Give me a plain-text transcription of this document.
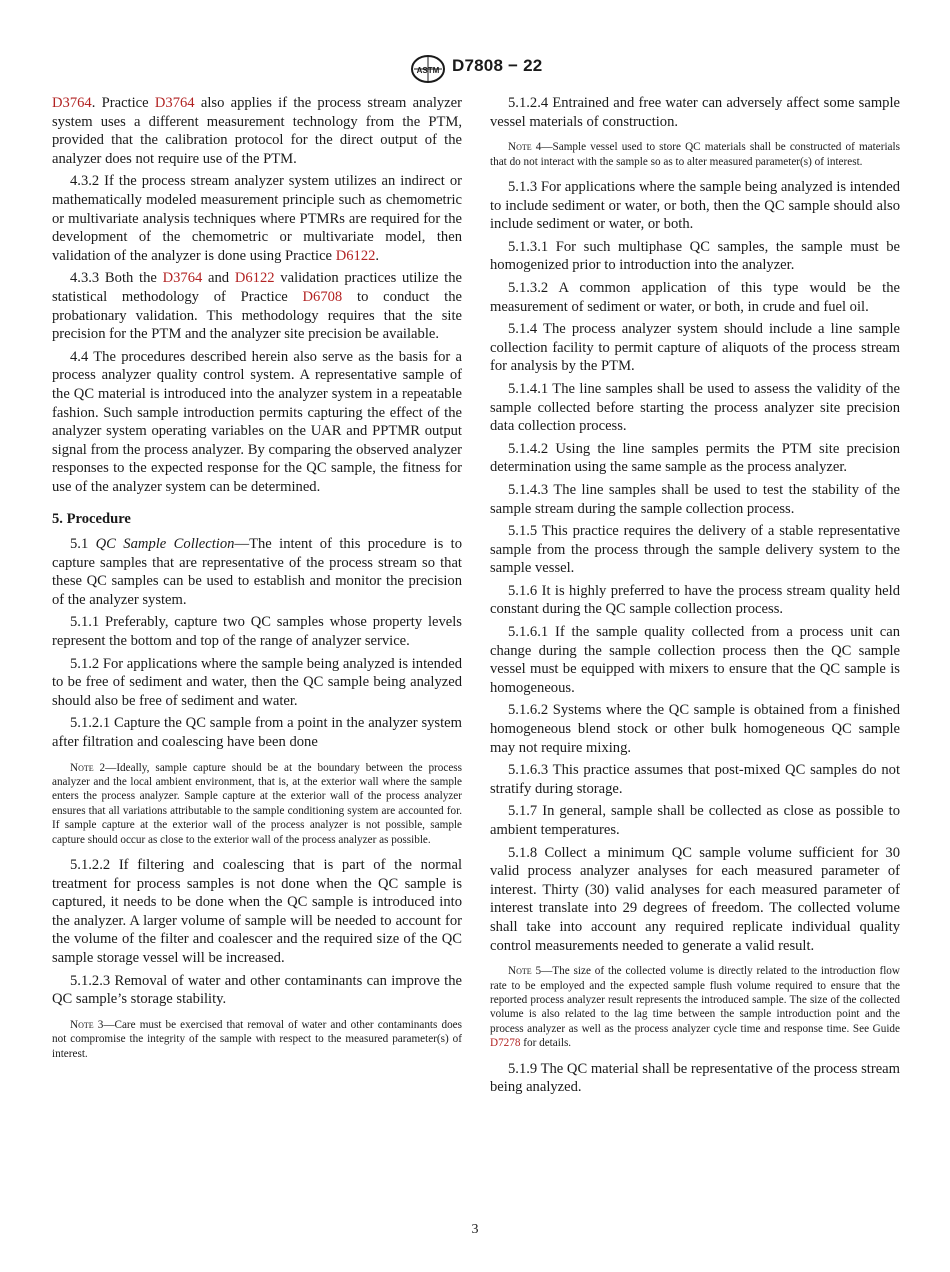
ASTM D7808 − 22

D3764. Practice D3764 also applies if the process stream analyzer system uses a different measurement technology from the PTM, provided that the calibration protocol for the direct output of the analyzer does not require use of the PTM.

4.3.2 If the process stream analyzer system utilizes an indirect or mathematically modeled measurement principle such as chemometric or multivariate analysis techniques where PTMRs are required for the development of the chemometric or multivariate model, then validation of the analyzer is done using Practice D6122.

4.3.3 Both the D3764 and D6122 validation practices utilize the statistical methodology of Practice D6708 to conduct the probationary validation. This methodology requires that the site precision for the PTM and the analyzer site precision be available.

4.4 The procedures described herein also serve as the basis for a process analyzer quality control system. A representative sample of the QC material is introduced into the analyzer system in a repeatable fashion. Such sample introduction permits capturing the effect of the analyzer system operating variables on the UAR and PPTMR output signal from the process analyzer. By comparing the observed analyzer responses to the expected response for the QC sample, the fitness for use of the analyzer system can be determined.

5. Procedure

5.1 QC Sample Collection—The intent of this procedure is to capture samples that are representative of the process stream so that these QC samples can be used to establish and monitor the precision of the analyzer system.

5.1.1 Preferably, capture two QC samples whose property levels represent the bottom and top of the range of analyzer service.

5.1.2 For applications where the sample being analyzed is intended to be free of sediment and water, then the QC sample being analyzed should also be free of sediment and water.

5.1.2.1 Capture the QC sample from a point in the analyzer system after filtration and coalescing have been done

Note 2—Ideally, sample capture should be at the boundary between the process analyzer and the local ambient environment, that is, at the exterior wall where the sample enters the process analyzer. Sample capture at the exterior wall of the process analyzer ensures that all variations attributable to the sample conditioning system are accounted for. If sample capture at the exterior wall of the process analyzer is not possible, sample capture should occur as close to the exterior wall of the process analyzer as possible.

5.1.2.2 If filtering and coalescing that is part of the normal treatment for process samples is not done when the QC sample is captured, it needs to be done when the QC sample is introduced into the analyzer. A larger volume of sample will be needed to account for the volume of the filter and coalescer and the required size of the QC sample storage vessel will be increased.

5.1.2.3 Removal of water and other contaminants can improve the QC sample’s storage stability.

Note 3—Care must be exercised that removal of water and other contaminants does not compromise the integrity of the sample with respect to the measured parameter(s) of interest.

5.1.2.4 Entrained and free water can adversely affect some sample vessel materials of construction.

Note 4—Sample vessel used to store QC materials shall be constructed of materials that do not interact with the sample so as to alter measured parameter(s) of interest.

5.1.3 For applications where the sample being analyzed is intended to include sediment or water, or both, then the QC sample should also include sediment or water, or both.

5.1.3.1 For such multiphase QC samples, the sample must be homogenized prior to introduction into the analyzer.

5.1.3.2 A common application of this type would be the measurement of sediment or water, or both, in crude and fuel oil.

5.1.4 The process analyzer system should include a line sample collection facility to permit capture of aliquots of the process stream for analysis by the PTM.

5.1.4.1 The line samples shall be used to assess the validity of the sample collected before starting the process analyzer site precision data collection process.

5.1.4.2 Using the line samples permits the PTM site precision determination using the same sample as the process analyzer.

5.1.4.3 The line samples shall be used to test the stability of the sample stream during the sample collection process.

5.1.5 This practice requires the delivery of a stable representative sample from the process through the sample delivery system to the sample vessel.

5.1.6 It is highly preferred to have the process stream quality held constant during the QC sample collection process.

5.1.6.1 If the sample quality collected from a process unit can change during the sample collection process then the QC sample vessel must be equipped with mixers to ensure that the QC sample is homogeneous.

5.1.6.2 Systems where the QC sample is obtained from a finished homogeneous blend stock or other bulk homogeneous QC sample may not require mixing.

5.1.6.3 This practice assumes that post-mixed QC samples do not stratify during storage.

5.1.7 In general, sample shall be collected as close as possible to ambient temperatures.

5.1.8 Collect a minimum QC sample volume sufficient for 30 valid process analyzer analyses for each measured parameter of interest. Thirty (30) valid analyses for each measured parameter of interest translate into 29 degrees of freedom. The collected volume shall take into account any required replicate individual quality control measurements needed to generate a valid result.

Note 5—The size of the collected volume is directly related to the introduction flow rate to be employed and the expected sample flush volume required to ensure that the reported process analyzer result represents the introduced sample. The size of the collected volume is also related to the lag time between the sample introduction point and the process analyzer as well as the process analyzer cycle time and response time. See Guide D7278 for details.

5.1.9 The QC material shall be representative of the process stream being analyzed.

3
